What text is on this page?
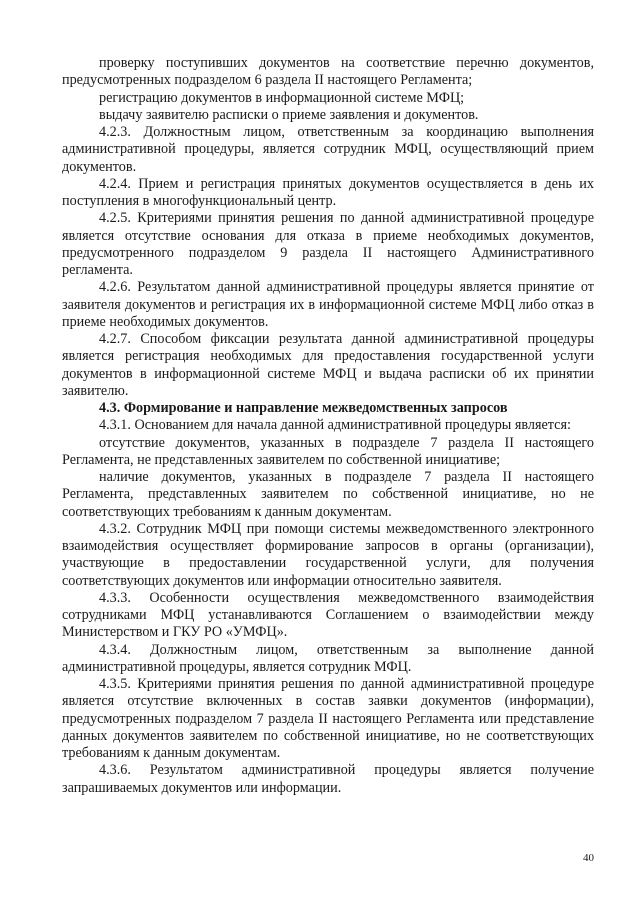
проверку поступивших документов на соответствие перечню документов, предусмотренных подразделом 6 раздела II настоящего Регламента;

регистрацию документов в информационной системе МФЦ;

выдачу заявителю расписки о приеме заявления и документов.

4.2.3. Должностным лицом, ответственным за координацию выполнения административной процедуры, является сотрудник МФЦ, осуществляющий прием документов.

4.2.4. Прием и регистрация принятых документов осуществляется в день их поступления в многофункциональный центр.

4.2.5. Критериями принятия решения по данной административной процедуре является отсутствие основания для отказа в приеме необходимых документов, предусмотренного подразделом 9 раздела II настоящего Административного регламента.

4.2.6. Результатом данной административной процедуры является принятие от заявителя документов и регистрация их в информационной системе МФЦ либо отказ в приеме необходимых документов.

4.2.7. Способом фиксации результата данной административной процедуры является регистрация необходимых для предоставления государственной услуги документов в информационной системе МФЦ и выдача расписки об их принятии заявителю.

4.3. Формирование и направление межведомственных запросов

4.3.1. Основанием для начала данной административной процедуры является:

отсутствие документов, указанных в подразделе 7 раздела II настоящего Регламента, не представленных заявителем по собственной инициативе;

наличие документов, указанных в подразделе 7 раздела II настоящего Регламента, представленных заявителем по собственной инициативе, но не соответствующих требованиям к данным документам.

4.3.2. Сотрудник МФЦ при помощи системы межведомственного электронного взаимодействия осуществляет формирование запросов в органы (организации), участвующие в предоставлении государственной услуги, для получения соответствующих документов или информации относительно заявителя.

4.3.3. Особенности осуществления межведомственного взаимодействия сотрудниками МФЦ устанавливаются Соглашением о взаимодействии между Министерством и ГКУ РО «УМФЦ».

4.3.4. Должностным лицом, ответственным за выполнение данной административной процедуры, является сотрудник МФЦ.

4.3.5. Критериями принятия решения по данной административной процедуре является отсутствие включенных в состав заявки документов (информации), предусмотренных подразделом 7 раздела II настоящего Регламента или представление данных документов заявителем по собственной инициативе, но не соответствующих требованиям к данным документам.

4.3.6. Результатом административной процедуры является получение запрашиваемых документов или информации.

40
